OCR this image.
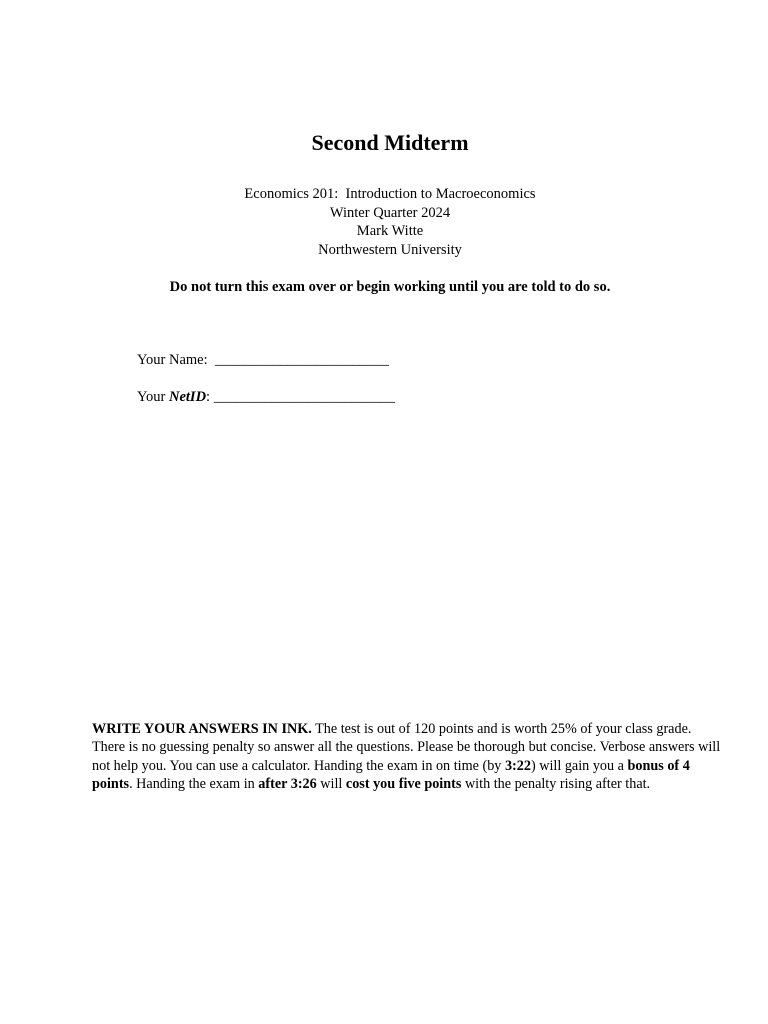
Second Midterm
Economics 201:  Introduction to Macroeconomics
Winter Quarter 2024
Mark Witte
Northwestern University
Do not turn this exam over or begin working until you are told to do so.
Your Name:  ________________________
Your NetID: _________________________
WRITE YOUR ANSWERS IN INK. The test is out of 120 points and is worth 25% of your class grade. There is no guessing penalty so answer all the questions. Please be thorough but concise. Verbose answers will not help you. You can use a calculator. Handing the exam in on time (by 3:22) will gain you a bonus of 4 points. Handing the exam in after 3:26 will cost you five points with the penalty rising after that.
